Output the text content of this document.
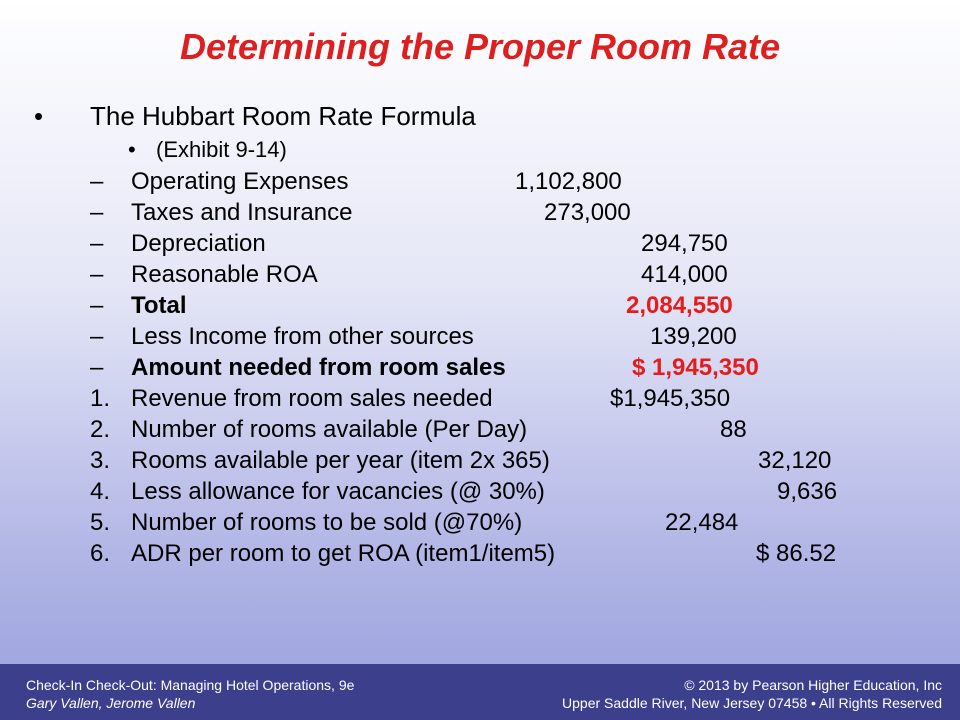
Determining the Proper Room Rate
• The Hubbart Room Rate Formula
• (Exhibit 9-14)
– Operating Expenses	1,102,800
– Taxes and Insurance	273,000
– Depreciation	294,750
– Reasonable ROA	414,000
– Total	2,084,550
– Less Income from other sources	139,200
– Amount needed from room sales	$ 1,945,350
1. Revenue from room sales needed	$1,945,350
2. Number of rooms available (Per Day)	88
3. Rooms available per year (item 2x 365)	32,120
4. Less allowance for vacancies (@ 30%)	9,636
5. Number of rooms to be sold (@70%)	22,484
6. ADR per room to get ROA (item1/item5)	$ 86.52
Check-In Check-Out: Managing Hotel Operations, 9e
Gary Vallen, Jerome Vallen
© 2013 by Pearson Higher Education, Inc
Upper Saddle River, New Jersey 07458 • All Rights Reserved
